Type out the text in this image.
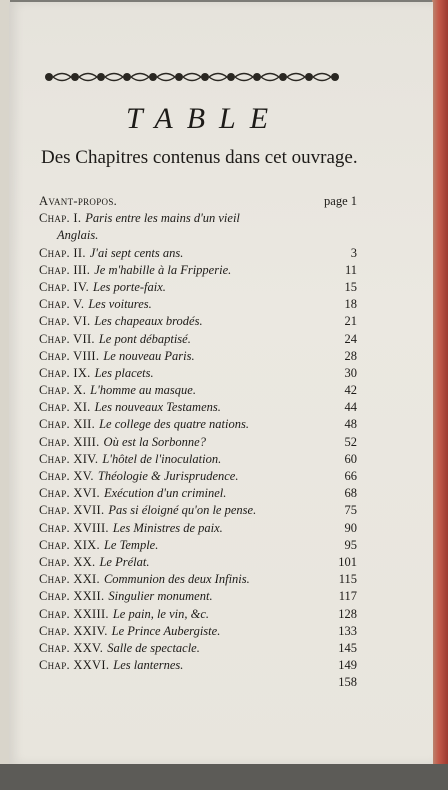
TABLE
Des Chapitres contenus dans cet ouvrage.
Avant-propos.	page 1
Chap. I. Paris entre les mains d'un vieil
Anglais.
Chap. II. J'ai sept cents ans.	3
Chap. III. Je m'habille à la Fripperie.	11
Chap. IV. Les porte-faix.	15
Chap. V. Les voitures.	18
Chap. VI. Les chapeaux brodés.	21
Chap. VII. Le pont débaptisé.	24
Chap. VIII. Le nouveau Paris.	28
Chap. IX. Les placets.	30
Chap. X. L'homme au masque.	42
Chap. XI. Les nouveaux Testamens.	44
Chap. XII. Le college des quatre nations.	48
Chap. XIII. Où est la Sorbonne?	52
Chap. XIV. L'hôtel de l'inoculation.	60
Chap. XV. Théologie & Jurisprudence.	66
Chap. XVI. Exécution d'un criminel.	68
Chap. XVII. Pas si éloigné qu'on le pense.	75
Chap. XVIII. Les Ministres de paix.	90
Chap. XIX. Le Temple.	95
Chap. XX. Le Prélat.	101
Chap. XXI. Communion des deux Infinis.	115
Chap. XXII. Singulier monument.	117
Chap. XXIII. Le pain, le vin, &c.	128
Chap. XXIV. Le Prince Aubergiste.	133
Chap. XXV. Salle de spectacle.	145
Chap. XXVI. Les lanternes.	149
158
